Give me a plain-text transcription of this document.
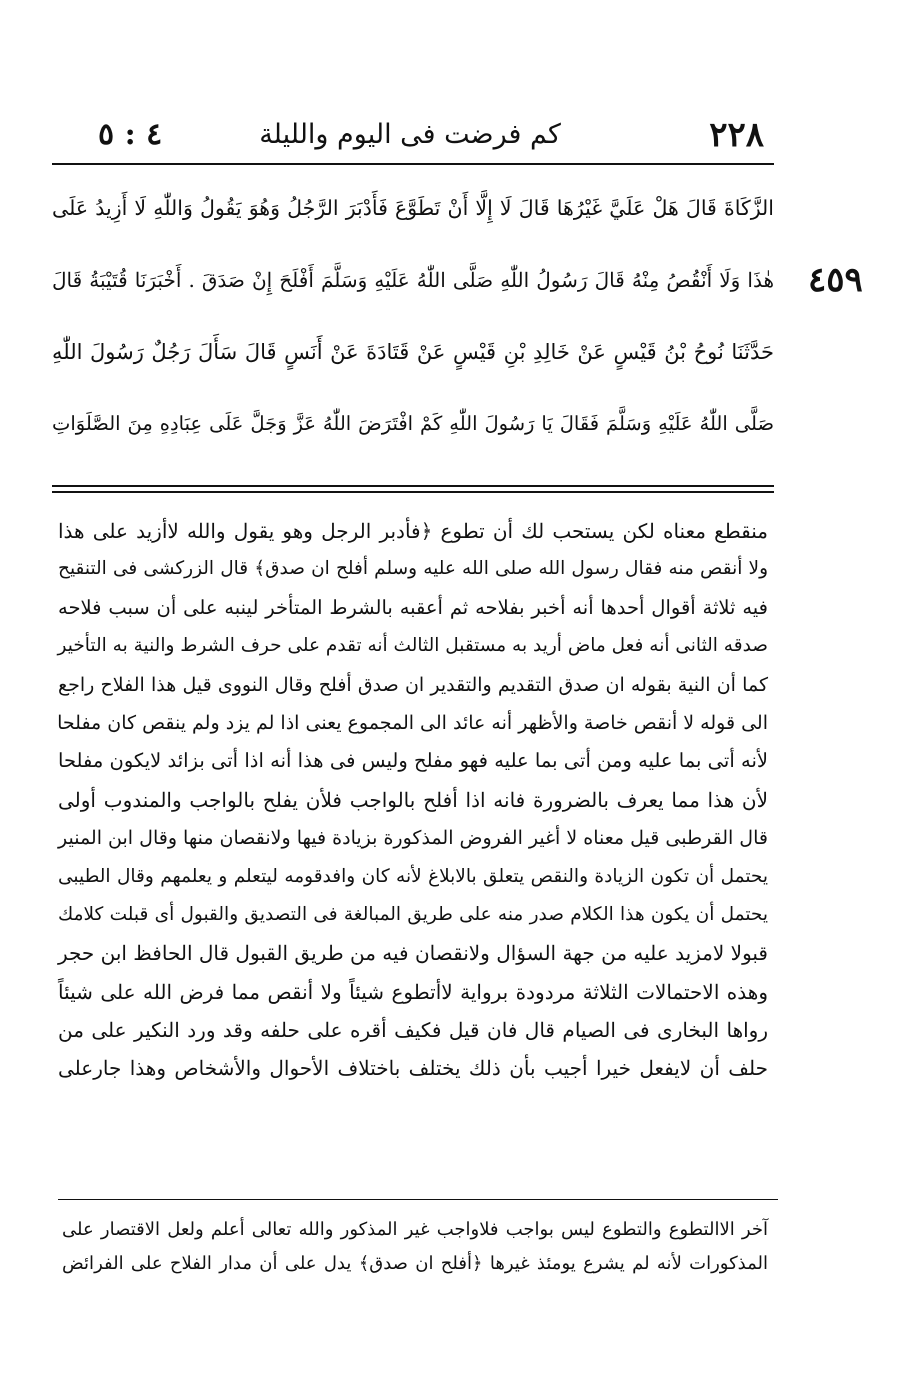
٢٢٨
كم فرضت فى اليوم والليلة
٤ : ٥
٤٥٩
الزَّكَاةَ قَالَ هَلْ عَلَيَّ غَيْرُهَا قَالَ لَا إِلَّا أَنْ تَطَوَّعَ فَأَدْبَرَ الرَّجُلُ وَهُوَ يَقُولُ وَاللّٰهِ لَا أَزِيدُ عَلَى
هٰذَا وَلَا أَنْقُصُ مِنْهُ قَالَ رَسُولُ اللّٰهِ صَلَّى اللّٰهُ عَلَيْهِ وَسَلَّمَ أَفْلَحَ إِنْ صَدَقَ . أَخْبَرَنَا قُتَيْبَةُ قَالَ
حَدَّثَنَا نُوحُ بْنُ قَيْسٍ عَنْ خَالِدِ بْنِ قَيْسٍ عَنْ قَتَادَةَ عَنْ أَنَسٍ قَالَ سَأَلَ رَجُلٌ رَسُولَ اللّٰهِ
صَلَّى اللّٰهُ عَلَيْهِ وَسَلَّمَ فَقَالَ يَا رَسُولَ اللّٰهِ كَمْ افْتَرَضَ اللّٰهُ عَزَّ وَجَلَّ عَلَى عِبَادِهِ مِنَ الصَّلَوَاتِ
منقطع معناه لكن يستحب لك أن تطوع ﴿فأدبر الرجل وهو يقول والله لاأزيد على هذا
ولا أنقص منه فقال رسول الله صلى الله عليه وسلم أفلح ان صدق﴾ قال الزركشى فى التنقيح
فيه ثلاثة أقوال أحدها أنه أخبر بفلاحه ثم أعقبه بالشرط المتأخر لينبه على أن سبب فلاحه
صدقه الثانى أنه فعل ماض أريد به مستقبل الثالث أنه تقدم على حرف الشرط والنية به التأخير
كما أن النية بقوله ان صدق التقديم والتقدير ان صدق أفلح وقال النووى قيل هذا الفلاح راجع
الى قوله لا أنقص خاصة والأظهر أنه عائد الى المجموع يعنى اذا لم يزد ولم ينقص كان مفلحا
لأنه أتى بما عليه ومن أتى بما عليه فهو مفلح وليس فى هذا أنه اذا أتى بزائد لايكون مفلحا
لأن هذا مما يعرف بالضرورة فانه اذا أفلح بالواجب فلأن يفلح بالواجب والمندوب أولى
قال القرطبى قيل معناه لا أغير الفروض المذكورة بزيادة فيها ولانقصان منها وقال ابن المنير
يحتمل أن تكون الزيادة والنقص يتعلق بالابلاغ لأنه كان وافدقومه ليتعلم و يعلمهم وقال الطيبى
يحتمل أن يكون هذا الكلام صدر منه على طريق المبالغة فى التصديق والقبول أى قبلت كلامك
قبولا لامزيد عليه من جهة السؤال ولانقصان فيه من طريق القبول قال الحافظ ابن حجر
وهذه الاحتمالات الثلاثة مردودة برواية لاأتطوع شيئاً ولا أنقص مما فرض الله على شيئاً
رواها البخارى فى الصيام قال فان قيل فكيف أقره على حلفه وقد ورد النكير على من
حلف أن لايفعل خيرا أجيب بأن ذلك يختلف باختلاف الأحوال والأشخاص وهذا جارعلى
آخر الاالتطوع والتطوع ليس بواجب فلاواجب غير المذكور والله تعالى أعلم ولعل الاقتصار على
المذكورات لأنه لم يشرع يومئذ غيرها ﴿أفلح ان صدق﴾ يدل على أن مدار الفلاح على الفرائض
